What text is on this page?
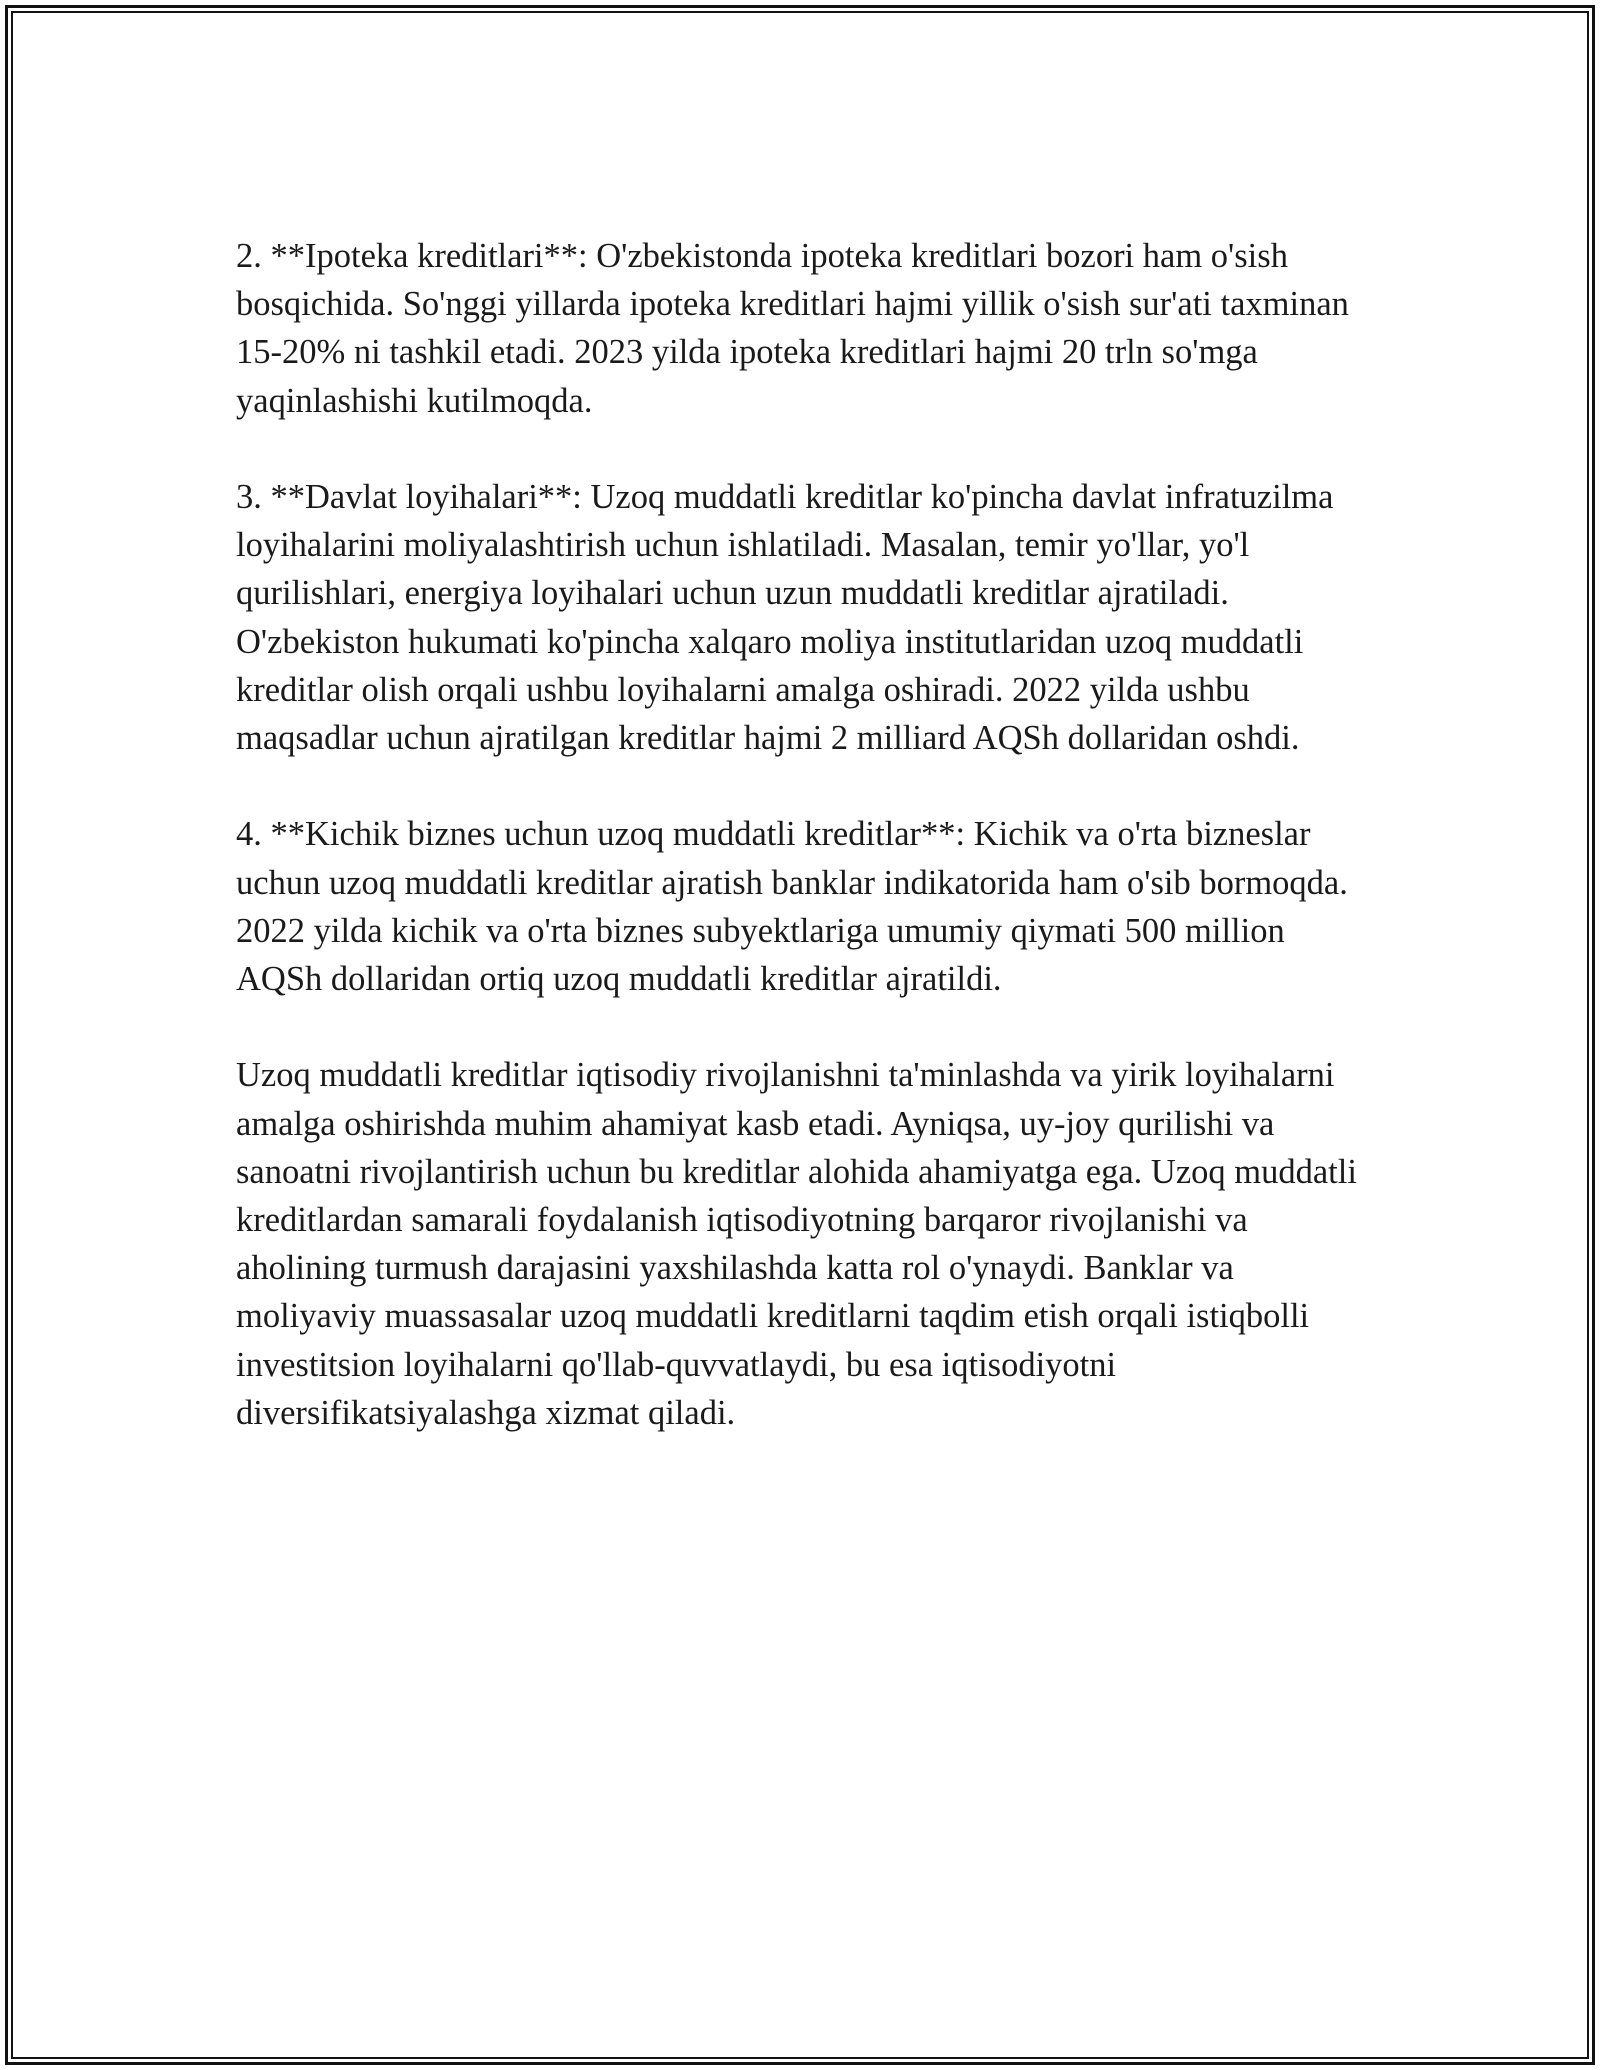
2. **Ipoteka kreditlari**: O'zbekistonda ipoteka kreditlari bozori ham o'sish bosqichida. So'nggi yillarda ipoteka kreditlari hajmi yillik o'sish sur'ati taxminan 15-20% ni tashkil etadi. 2023 yilda ipoteka kreditlari hajmi 20 trln so'mga yaqinlashishi kutilmoqda.

3. **Davlat loyihalari**: Uzoq muddatli kreditlar ko'pincha davlat infratuzilma loyihalarini moliyalashtirish uchun ishlatiladi. Masalan, temir yo'llar, yo'l qurilishlari, energiya loyihalari uchun uzun muddatli kreditlar ajratiladi. O'zbekiston hukumati ko'pincha xalqaro moliya institutlaridan uzoq muddatli kreditlar olish orqali ushbu loyihalarni amalga oshiradi. 2022 yilda ushbu maqsadlar uchun ajratilgan kreditlar hajmi 2 milliard AQSh dollaridan oshdi.

4. **Kichik biznes uchun uzoq muddatli kreditlar**: Kichik va o'rta bizneslar uchun uzoq muddatli kreditlar ajratish banklar indikatorida ham o'sib bormoqda. 2022 yilda kichik va o'rta biznes subyektlariga umumiy qiymati 500 million AQSh dollaridan ortiq uzoq muddatli kreditlar ajratildi.

Uzoq muddatli kreditlar iqtisodiy rivojlanishni ta'minlashda va yirik loyihalarni amalga oshirishda muhim ahamiyat kasb etadi. Ayniqsa, uy-joy qurilishi va sanoatni rivojlantirish uchun bu kreditlar alohida ahamiyatga ega. Uzoq muddatli kreditlardan samarali foydalanish iqtisodiyotning barqaror rivojlanishi va aholining turmush darajasini yaxshilashda katta rol o'ynaydi. Banklar va moliyaviy muassasalar uzoq muddatli kreditlarni taqdim etish orqali istiqbolli investitsion loyihalarni qo'llab-quvvatlaydi, bu esa iqtisodiyotni diversifikatsiyalashga xizmat qiladi.
